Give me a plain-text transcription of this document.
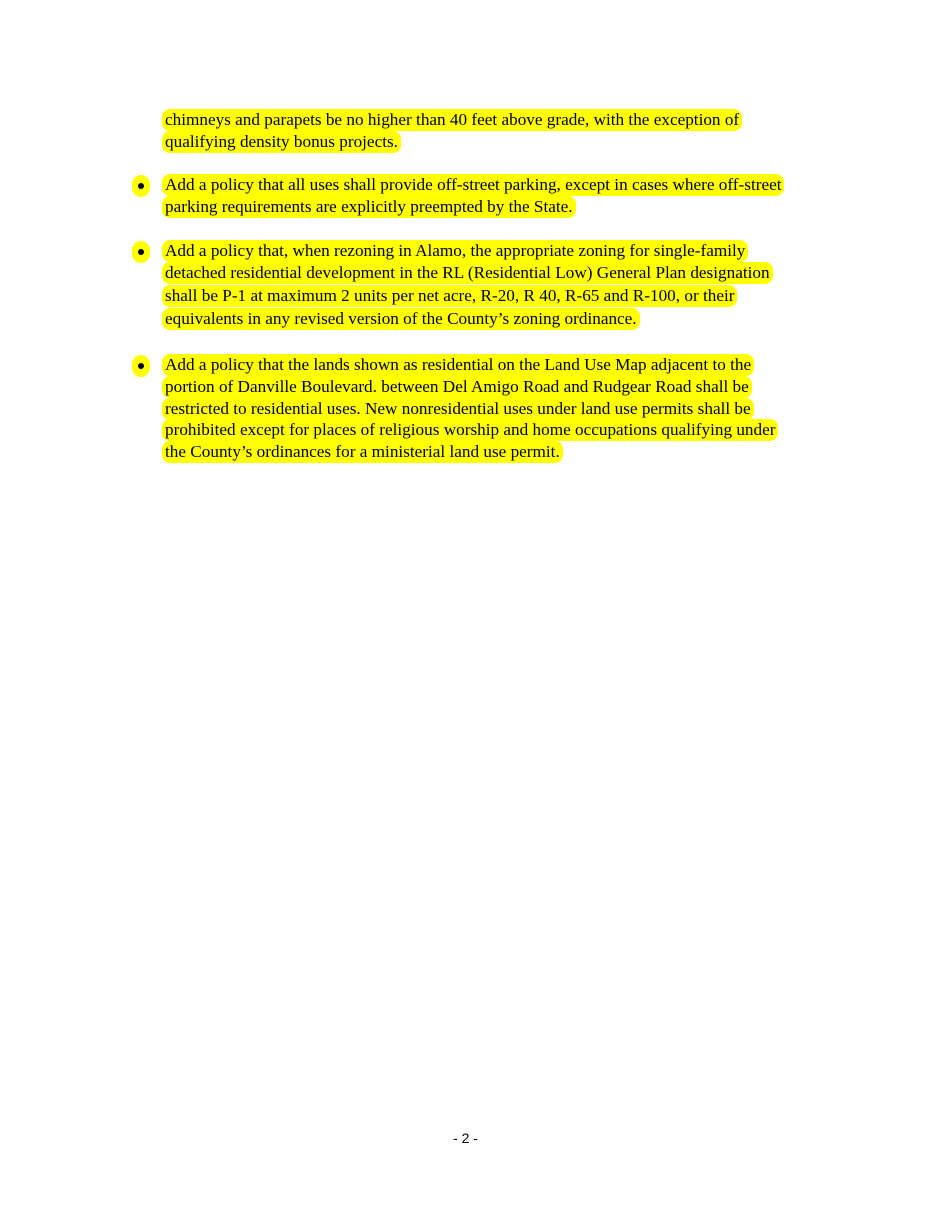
chimneys and parapets be no higher than 40 feet above grade, with the exception of
qualifying density bonus projects.
Add a policy that all uses shall provide off-street parking, except in cases where off-street
parking requirements are explicitly preempted by the State.
Add a policy that, when rezoning in Alamo, the appropriate zoning for single-family
detached residential development in the RL (Residential Low) General Plan designation
shall be P-1 at maximum 2 units per net acre, R-20, R 40, R-65 and R-100, or their
equivalents in any revised version of the County’s zoning ordinance.
Add a policy that the lands shown as residential on the Land Use Map adjacent to the
portion of Danville Boulevard. between Del Amigo Road and Rudgear Road shall be
restricted to residential uses. New nonresidential uses under land use permits shall be
prohibited except for places of religious worship and home occupations qualifying under
the County’s ordinances for a ministerial land use permit.
- 2 -
